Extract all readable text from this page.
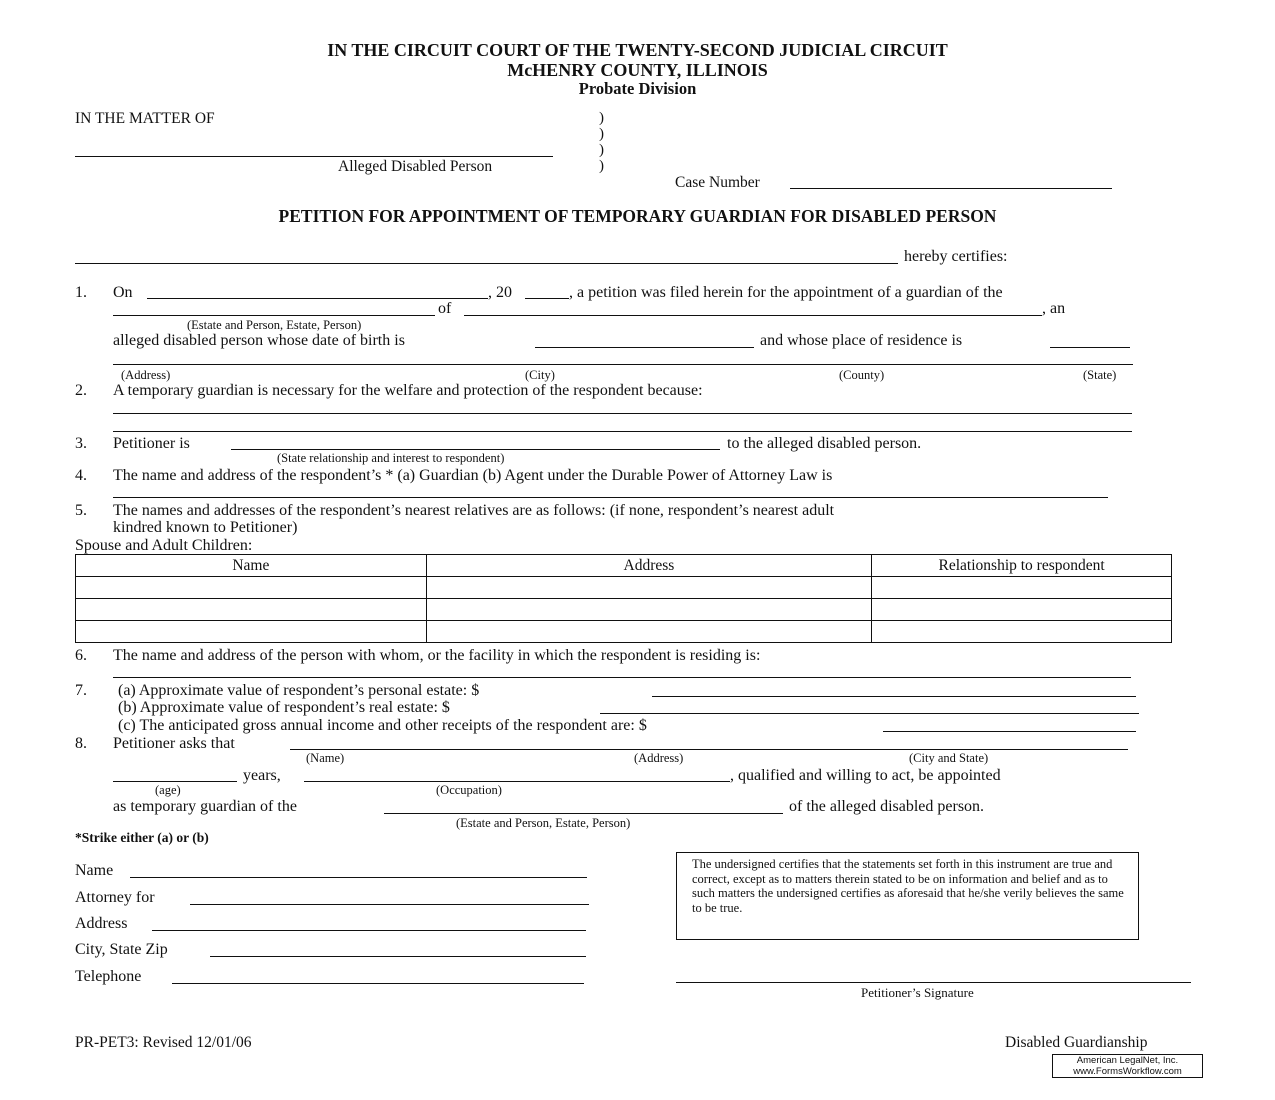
IN THE CIRCUIT COURT OF THE TWENTY-SECOND JUDICIAL CIRCUIT
McHENRY COUNTY, ILLINOIS
Probate Division
IN THE MATTER OF
Alleged Disabled Person
)
)
)
)
Case Number
PETITION FOR APPOINTMENT OF TEMPORARY GUARDIAN FOR DISABLED PERSON
hereby certifies:
1. On	, 20	, a petition was filed herein for the appointment of a guardian of the
of	, an
(Estate and Person, Estate, Person)
alleged disabled person whose date of birth is	and whose place of residence is
(Address)	(City)	(County)	(State)
2. A temporary guardian is necessary for the welfare and protection of the respondent because:
3. Petitioner is	to the alleged disabled person.
(State relationship and interest to respondent)
4. The name and address of the respondent’s * (a) Guardian (b) Agent under the Durable Power of Attorney Law is
5. The names and addresses of the respondent’s nearest relatives are as follows: (if none, respondent’s nearest adult
kindred known to Petitioner)
Spouse and Adult Children:
Name	Address	Relationship to respondent

6. The name and address of the person with whom, or the facility in which the respondent is residing is:
7. (a) Approximate value of respondent’s personal estate: $
(b) Approximate value of respondent’s real estate: $
(c) The anticipated gross annual income and other receipts of the respondent are: $
8. Petitioner asks that
(Name)	(Address)	(City and State)
years,	, qualified and willing to act, be appointed
(age)	(Occupation)
as temporary guardian of the	of the alleged disabled person.
(Estate and Person, Estate, Person)
*Strike either (a) or (b)
Name
Attorney for
Address
City, State Zip
Telephone
The undersigned certifies that the statements set forth in this instrument are true and correct, except as to matters therein stated to be on information and belief and as to such matters the undersigned certifies as aforesaid that he/she verily believes the same to be true.
Petitioner’s Signature
PR-PET3: Revised 12/01/06	Disabled Guardianship
American LegalNet, Inc.
www.FormsWorkflow.com
